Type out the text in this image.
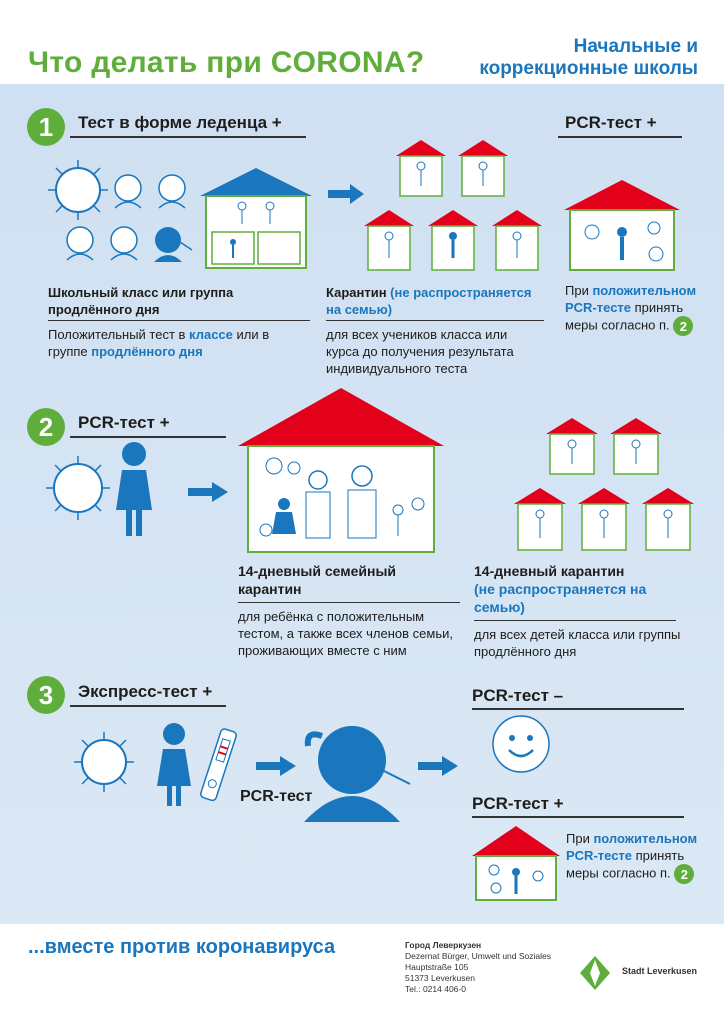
Что делать при CORONA?	Начальные и
коррекционные школы
1	Тест в форме леденца +	PCR-тест +
Школьный класс или группа продлённого дня
Положительный тест в классе или в группе продлённого дня
Карантин (не распространяется на семью)
для всех учеников класса или курса до получения результата индивидуального теста
При положительном PCR-тесте принять меры согласно п. 2
2	PCR-тест +
14-дневный семейный карантин
для ребёнка с положительным тестом, а также всех членов семьи, проживающих вместе с ним
14-дневный карантин
(не распространяется на семью)
для всех детей класса или группы продлённого дня
3	Экспресс-тест +	PCR-тест –
PCR-тест +
PCR-тест
При положительном PCR-тесте принять меры согласно п. 2
...вместе против коронавируса	Город Леверкузен
Dezernat Bürger, Umwelt und Soziales
Hauptstraße 105
51373 Leverkusen
Tel.: 0214 406-0
Stadt Leverkusen
